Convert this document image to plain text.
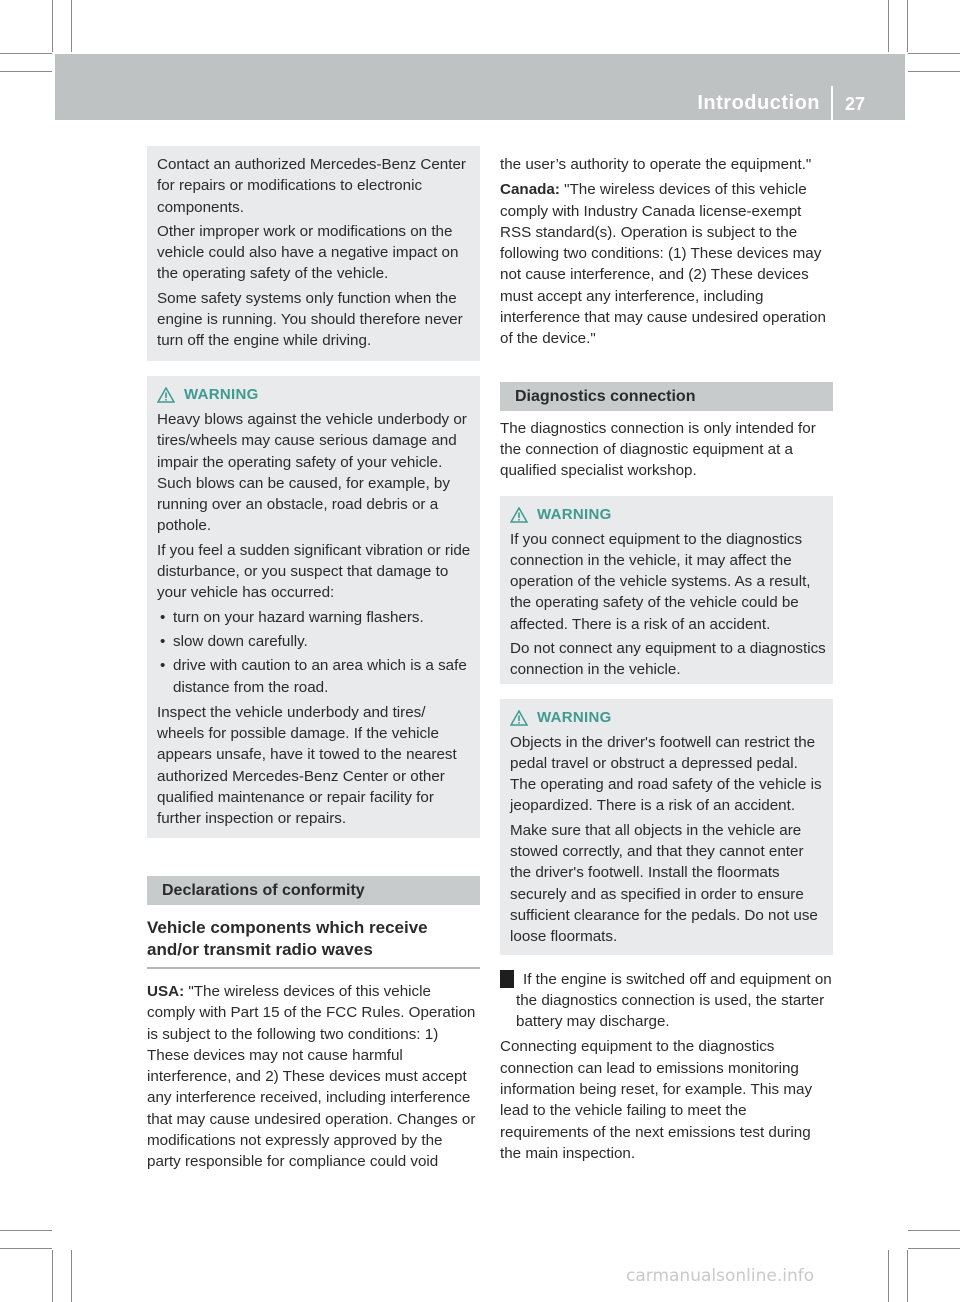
Introduction 27

Contact an authorized Mercedes-Benz Center for repairs or modifications to electronic components.

Other improper work or modifications on the vehicle could also have a negative impact on the operating safety of the vehicle.

Some safety systems only function when the engine is running. You should therefore never turn off the engine while driving.

WARNING

Heavy blows against the vehicle underbody or tires/wheels may cause serious damage and impair the operating safety of your vehicle. Such blows can be caused, for example, by running over an obstacle, road debris or a pothole.

If you feel a sudden significant vibration or ride disturbance, or you suspect that damage to your vehicle has occurred:

• turn on your hazard warning flashers.
• slow down carefully.
• drive with caution to an area which is a safe distance from the road.

Inspect the vehicle underbody and tires/ wheels for possible damage. If the vehicle appears unsafe, have it towed to the nearest authorized Mercedes-Benz Center or other qualified maintenance or repair facility for further inspection or repairs.

Declarations of conformity
Vehicle components which receive and/or transmit radio waves

USA: "The wireless devices of this vehicle comply with Part 15 of the FCC Rules. Operation is subject to the following two conditions: 1) These devices may not cause harmful interference, and 2) These devices must accept any interference received, including interference that may cause undesired operation. Changes or modifications not expressly approved by the party responsible for compliance could void

the user’s authority to operate the equipment."

Canada: "The wireless devices of this vehicle comply with Industry Canada license-exempt RSS standard(s). Operation is subject to the following two conditions: (1) These devices may not cause interference, and (2) These devices must accept any interference, including interference that may cause undesired operation of the device."

Diagnostics connection

The diagnostics connection is only intended for the connection of diagnostic equipment at a qualified specialist workshop.

WARNING

If you connect equipment to the diagnostics connection in the vehicle, it may affect the operation of the vehicle systems. As a result, the operating safety of the vehicle could be affected. There is a risk of an accident.

Do not connect any equipment to a diagnostics connection in the vehicle.

WARNING

Objects in the driver's footwell can restrict the pedal travel or obstruct a depressed pedal. The operating and road safety of the vehicle is jeopardized. There is a risk of an accident.

Make sure that all objects in the vehicle are stowed correctly, and that they cannot enter the driver's footwell. Install the floormats securely and as specified in order to ensure sufficient clearance for the pedals. Do not use loose floormats.

! If the engine is switched off and equipment on the diagnostics connection is used, the starter battery may discharge.

Connecting equipment to the diagnostics connection can lead to emissions monitoring information being reset, for example. This may lead to the vehicle failing to meet the requirements of the next emissions test during the main inspection.

carmanualsonline.info
